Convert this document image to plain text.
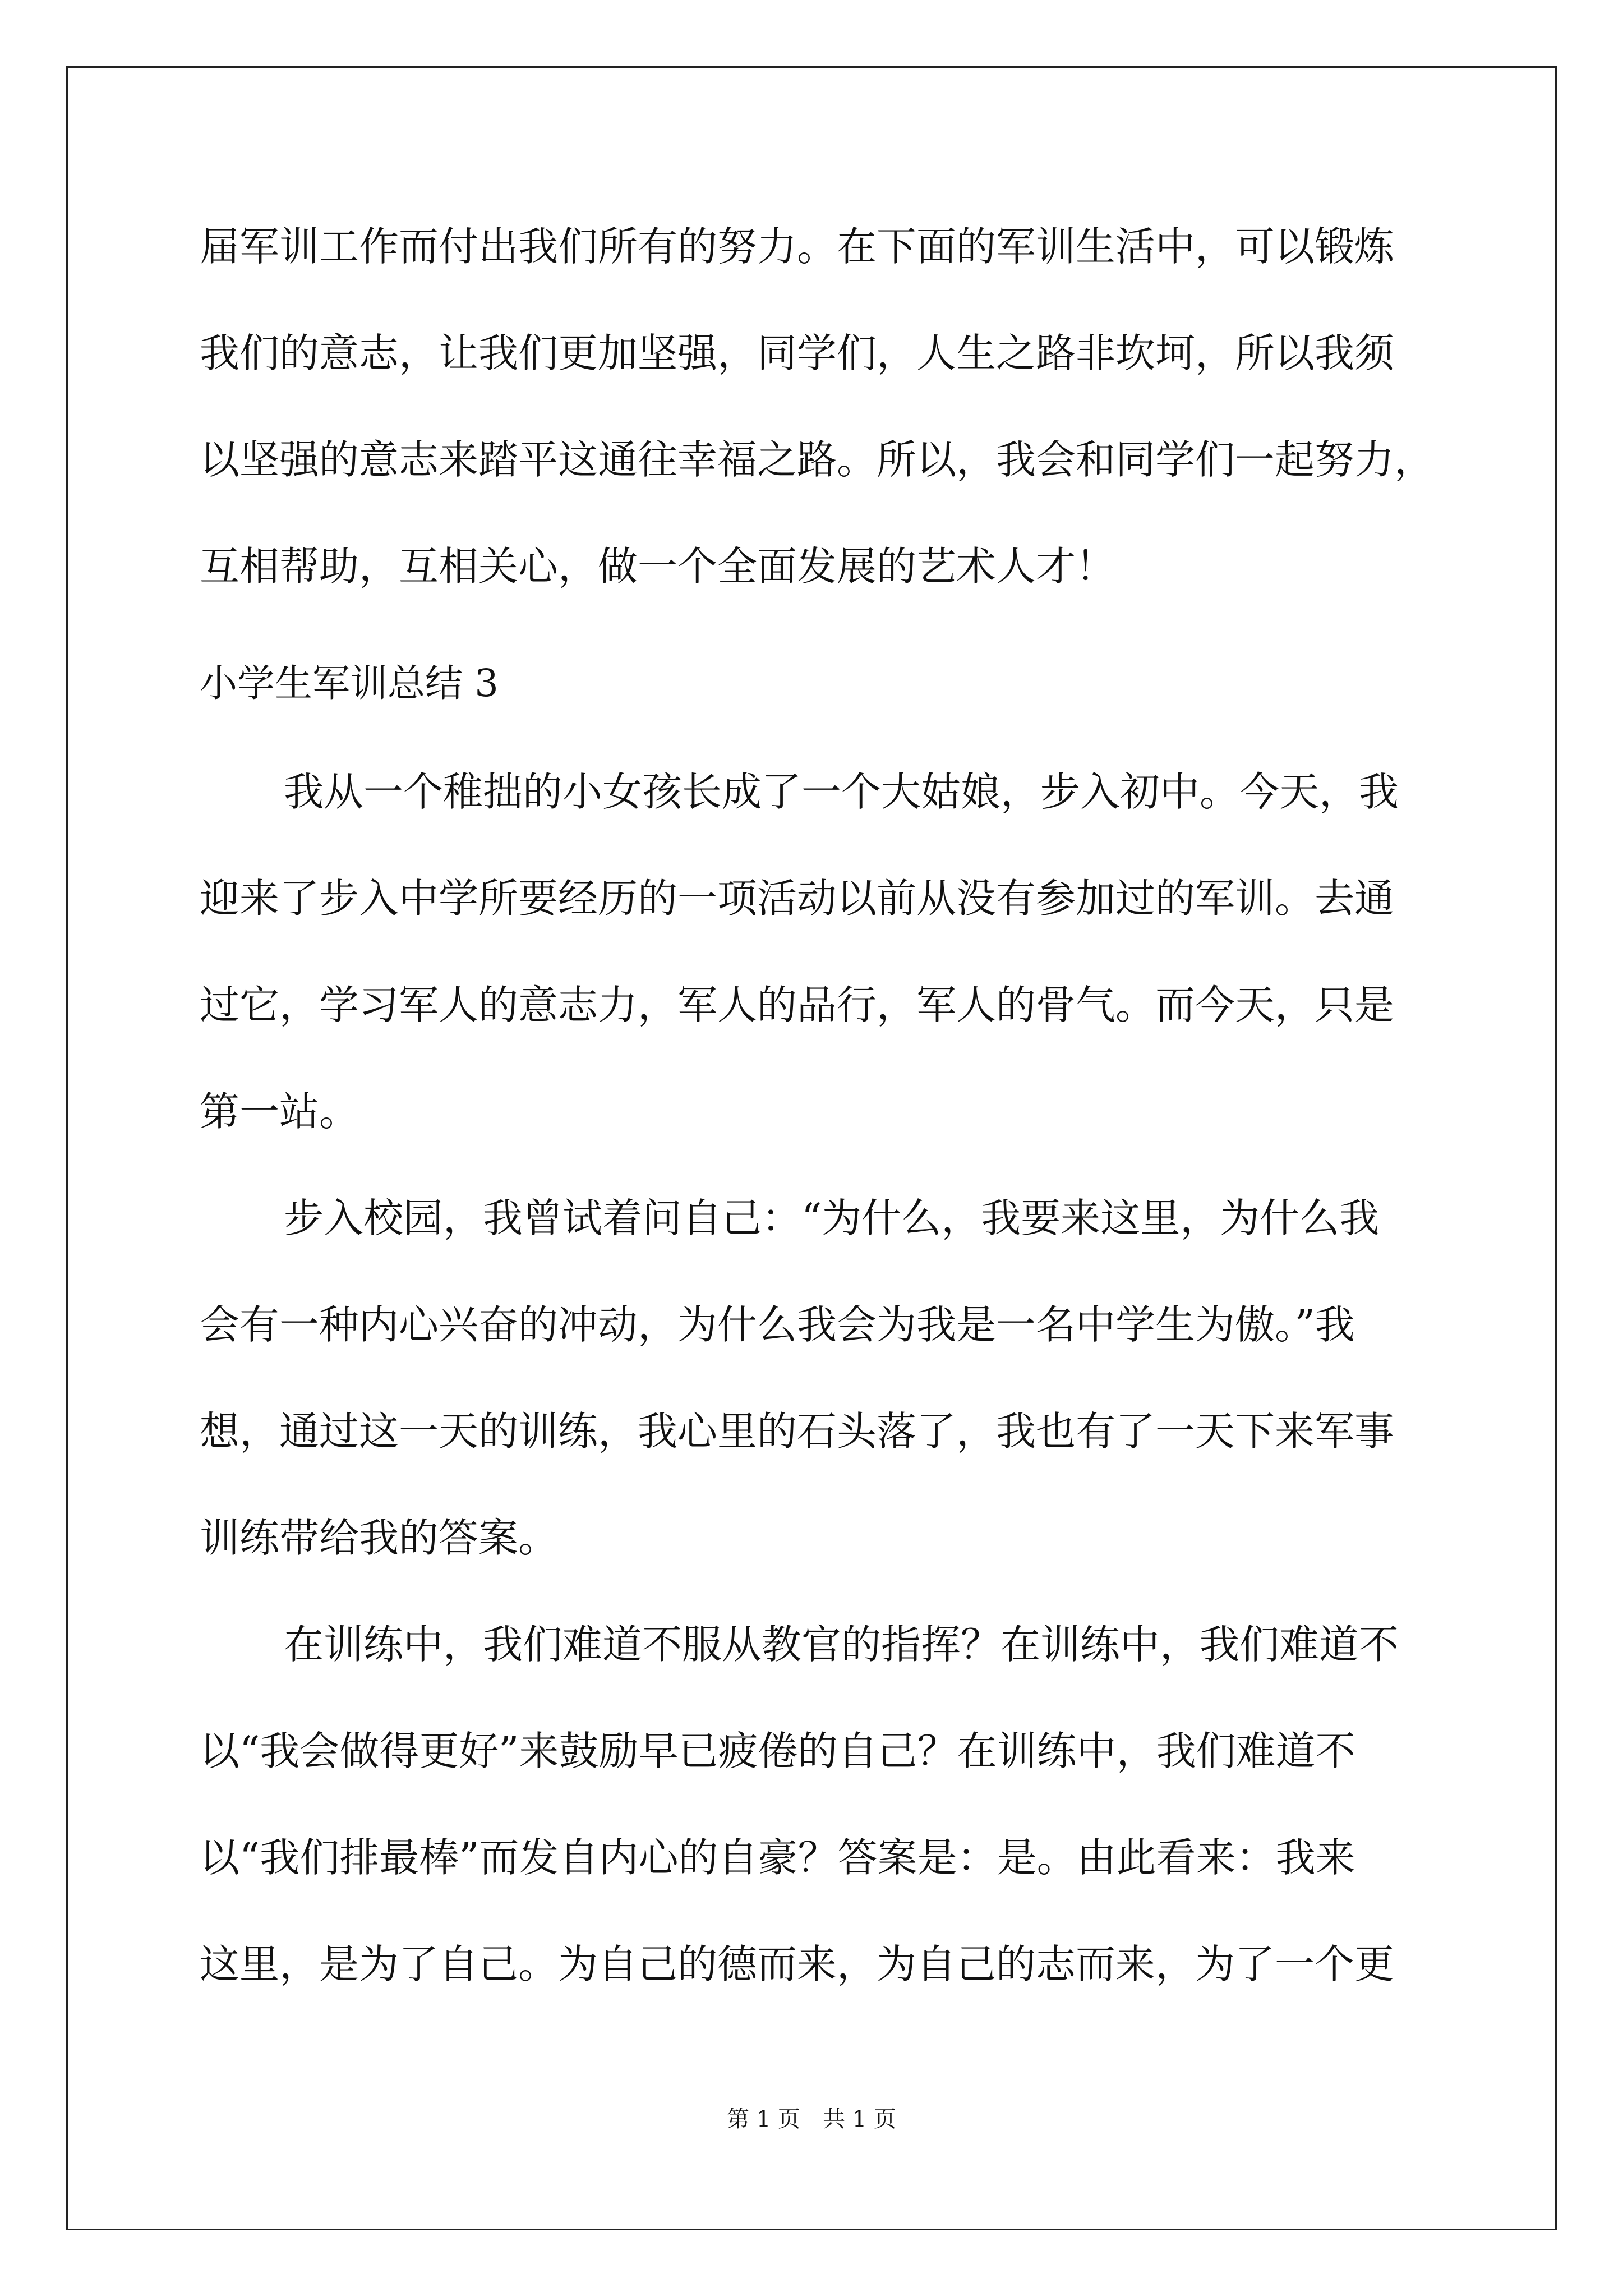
届军训工作而付出我们所有的努力。在下面的军训生活中，可以锻炼
我们的意志，让我们更加坚强，同学们，人生之路非坎坷，所以我须
以坚强的意志来踏平这通往幸福之路。所以，我会和同学们一起努力，
互相帮助，互相关心，做一个全面发展的艺术人才！
小学生军训总结 3
我从一个稚拙的小女孩长成了一个大姑娘，步入初中。今天，我
迎来了步入中学所要经历的一项活动以前从没有参加过的军训。去通
过它，学习军人的意志力，军人的品行，军人的骨气。而今天，只是
第一站。
步入校园，我曾试着问自己：“为什么，我要来这里，为什么我
会有一种内心兴奋的冲动，为什么我会为我是一名中学生为傲。”我
想，通过这一天的训练，我心里的石头落了，我也有了一天下来军事
训练带给我的答案。
在训练中，我们难道不服从教官的指挥？在训练中，我们难道不
以“我会做得更好”来鼓励早已疲倦的自己？在训练中，我们难道不
以“我们排最棒”而发自内心的自豪？答案是：是。由此看来：我来
这里，是为了自己。为自己的德而来，为自己的志而来，为了一个更
第 1 页　共 1 页
